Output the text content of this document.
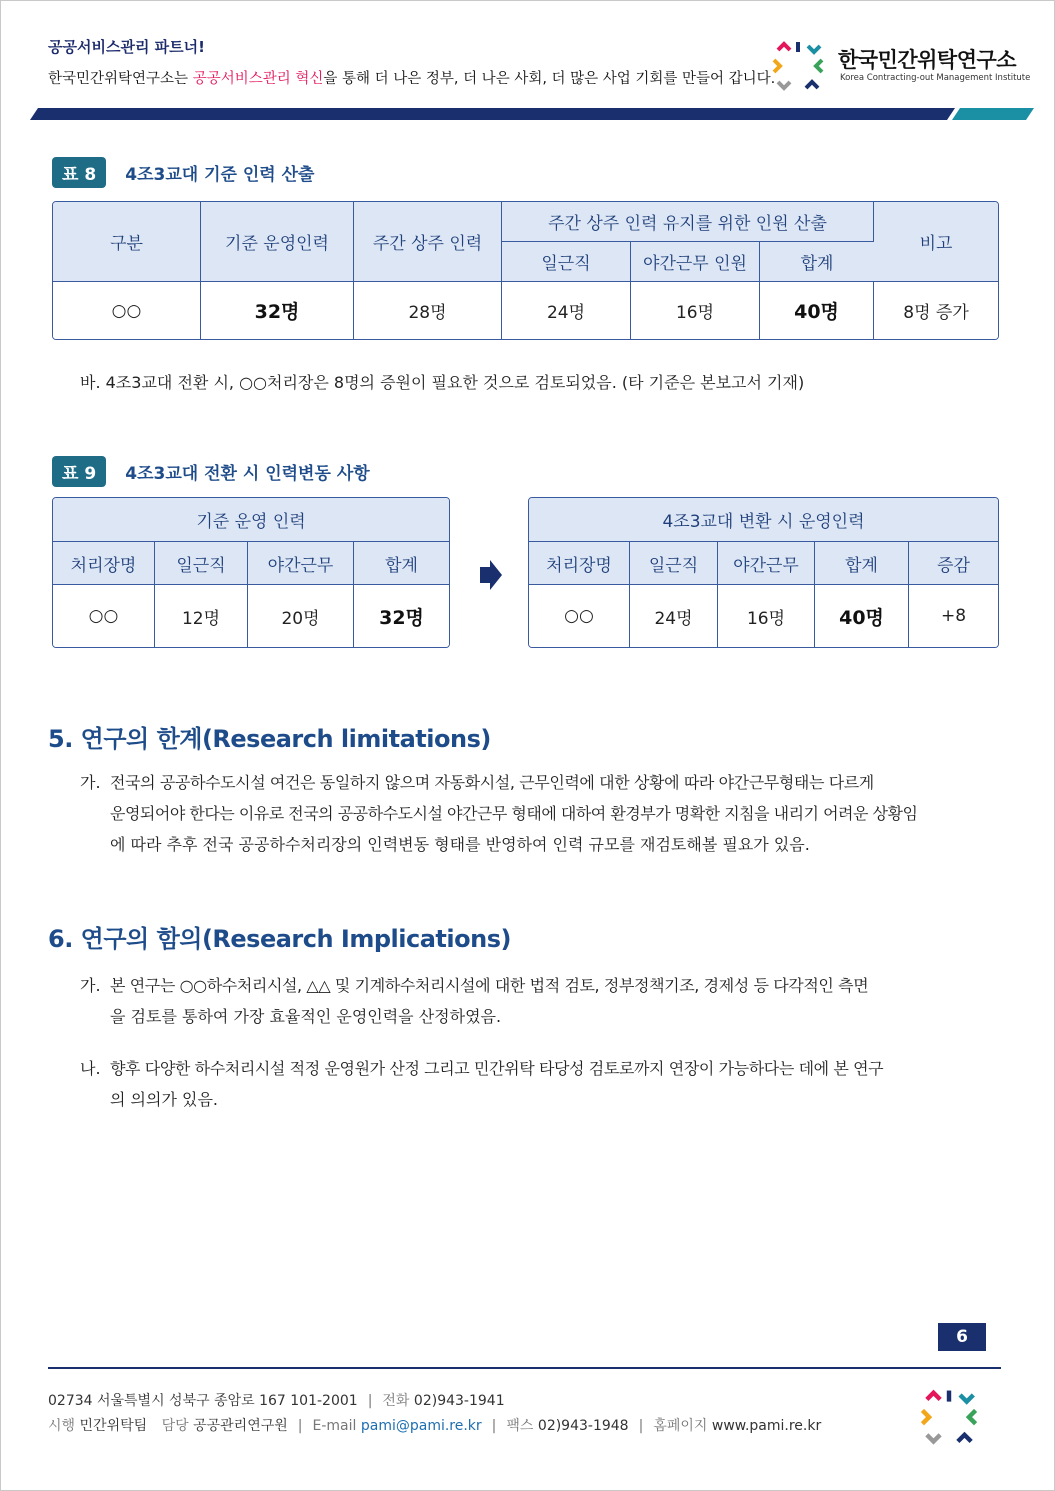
공공서비스관리 파트너!
한국민간위탁연구소는 공공서비스관리 혁신을 통해 더 나은 정부, 더 나은 사회, 더 많은 사업 기회를 만들어 갑니다.
한국민간위탁연구소
Korea Contracting-out Management Institute
표 8 4조3교대 기준 인력 산출
구분	기준 운영인력	주간 상주 인력	주간 상주 인력 유지를 위한 인원 산출			비고
			일근직	야간근무 인원	합계	
○○	32명	28명	24명	16명	40명	8명 증가
바. 4조3교대 전환 시, ○○처리장은 8명의 증원이 필요한 것으로 검토되었음. (타 기준은 본보고서 기재)
표 9 4조3교대 전환 시 인력변동 사항
기준 운영 인력			
처리장명	일근직	야간근무	합계
○○	12명	20명	32명
4조3교대 변환 시 운영인력				
처리장명	일근직	야간근무	합계	증감
○○	24명	16명	40명	+8
5. 연구의 한계(Research limitations)
가. 전국의 공공하수도시설 여건은 동일하지 않으며 자동화시설, 근무인력에 대한 상황에 따라 야간근무형태는 다르게
운영되어야 한다는 이유로 전국의 공공하수도시설 야간근무 형태에 대하여 환경부가 명확한 지침을 내리기 어려운 상황임
에 따라 추후 전국 공공하수처리장의 인력변동 형태를 반영하여 인력 규모를 재검토해볼 필요가 있음.
6. 연구의 함의(Research Implications)
가. 본 연구는 ○○하수처리시설, △△ 및 기계하수처리시설에 대한 법적 검토, 정부정책기조, 경제성 등 다각적인 측면
을 검토를 통하여 가장 효율적인 운영인력을 산정하였음.
나. 향후 다양한 하수처리시설 적정 운영원가 산정 그리고 민간위탁 타당성 검토로까지 연장이 가능하다는 데에 본 연구
의 의의가 있음.
6
02734 서울특별시 성북구 종암로 167 101-2001 | 전화 02)943-1941
시행 민간위탁팀 담당 공공관리연구원 | E-mail pami@pami.re.kr | 팩스 02)943-1948 | 홈페이지 www.pami.re.kr
